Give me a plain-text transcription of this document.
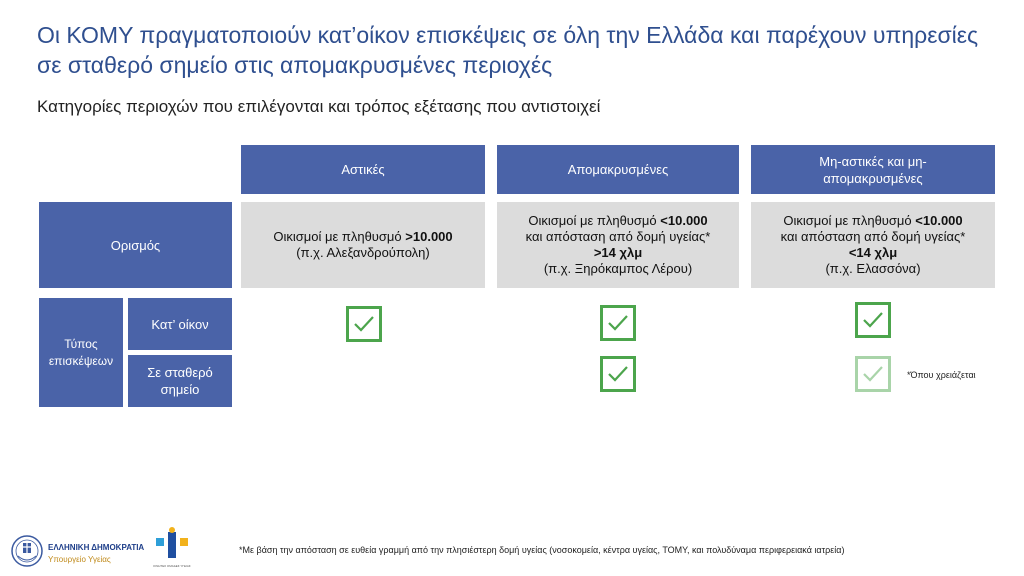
Οι ΚΟΜΥ πραγματοποιούν κατ’οίκον επισκέψεις σε όλη την Ελλάδα και παρέχουν υπηρεσίες σε σταθερό σημείο στις απομακρυσμένες περιοχές
Κατηγορίες περιοχών που επιλέγονται και τρόπος εξέτασης που αντιστοιχεί
Αστικές	Απομακρυσμένες
Μη-αστικές και μη-απομακρυσμένες
Ορισμός
Τύπος επισκέψεων
Κατ’ οίκον
Σε σταθερό σημείο
Οικισμοί με πληθυσμό >10.000
(π.χ. Αλεξανδρούπολη)
Οικισμοί με πληθυσμό <10.000
και απόσταση από δομή υγείας*
>14 χλμ
(π.χ. Ξηρόκαμπος Λέρου)
Οικισμοί με πληθυσμό <10.000
και απόσταση από δομή υγείας*
<14 χλμ
(π.χ. Ελασσόνα)
*Όπου χρειάζεται
*Με βάση την απόσταση σε ευθεία γραμμή από την πλησιέστερη δομή υγείας (νοσοκομεία, κέντρα υγείας, ΤΟΜΥ, και πολυδύναμα περιφερειακά ιατρεία)
ΕΛΛΗΝΙΚΗ ΔΗΜΟΚΡΑΤΙΑ
Υπουργείο Υγείας
ΚΙΝΗΤΕΣ ΟΜΑΔΕΣ ΥΓΕΙΑΣ
